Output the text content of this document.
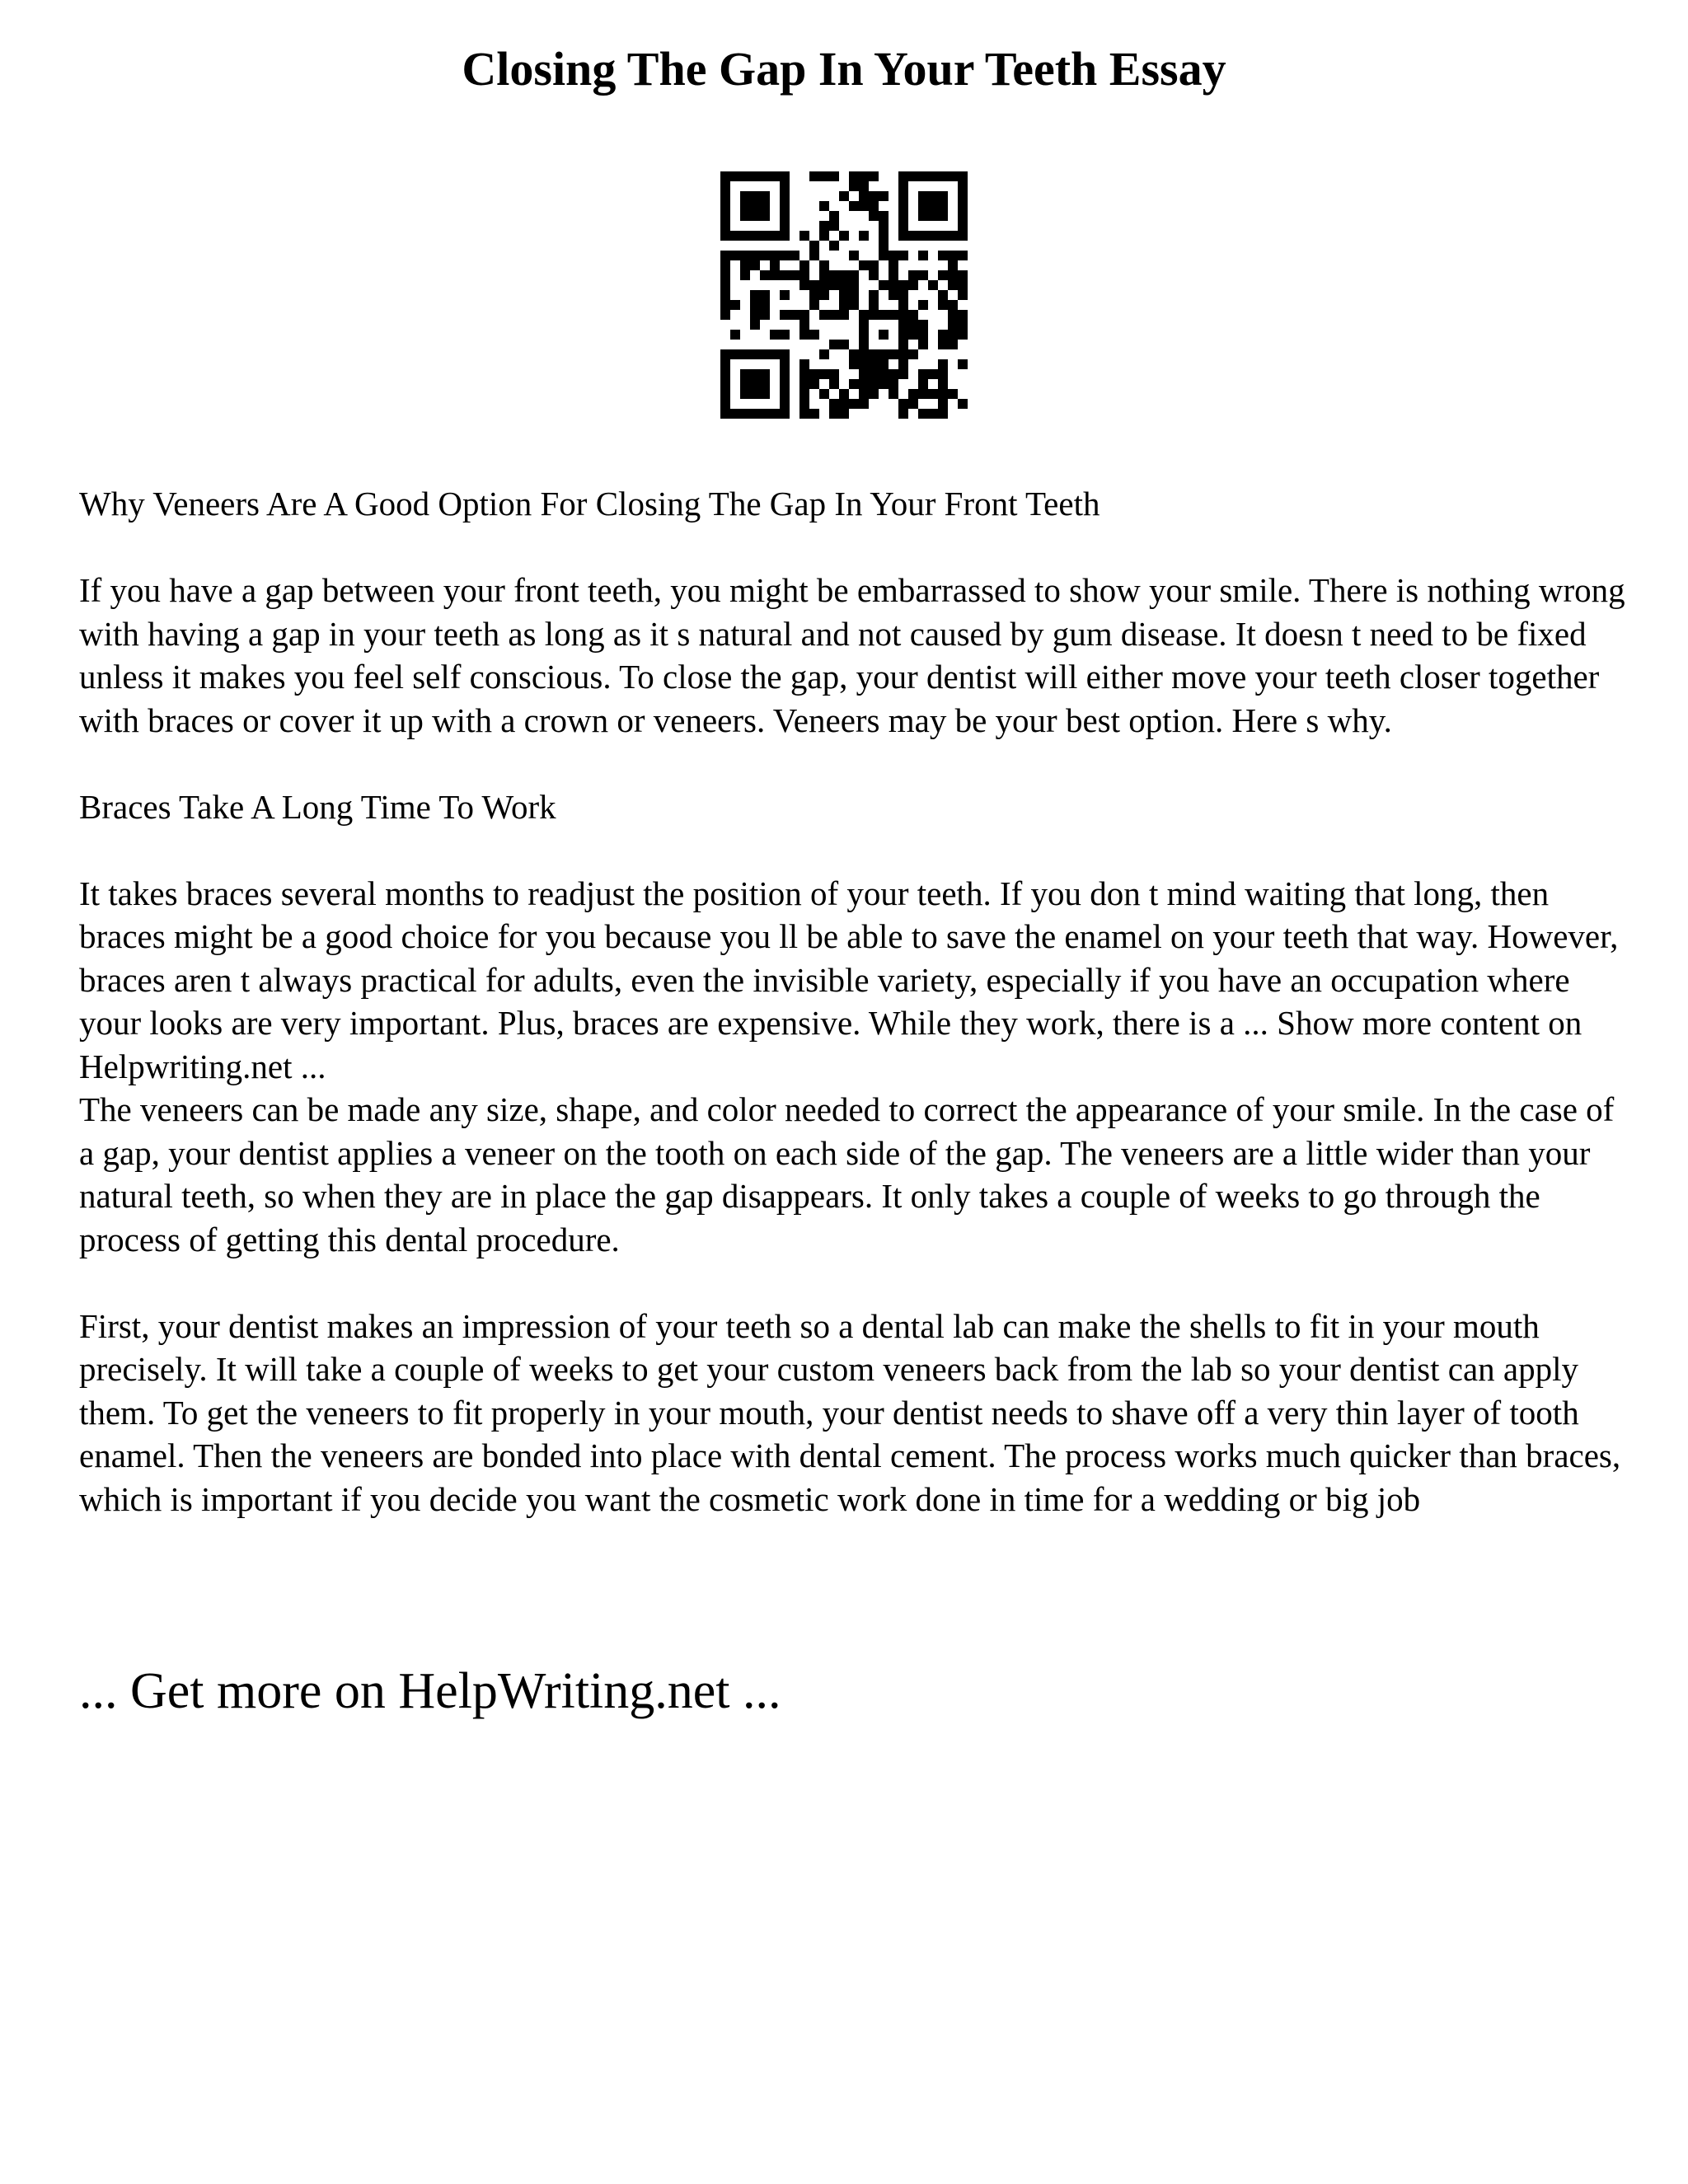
Closing The Gap In Your Teeth Essay

Why Veneers Are A Good Option For Closing The Gap In Your Front Teeth

If you have a gap between your front teeth, you might be embarrassed to show your smile. There is nothing wrong with having a gap in your teeth as long as it s natural and not caused by gum disease. It doesn t need to be fixed unless it makes you feel self conscious. To close the gap, your dentist will either move your teeth closer together with braces or cover it up with a crown or veneers. Veneers may be your best option. Here s why.

Braces Take A Long Time To Work

It takes braces several months to readjust the position of your teeth. If you don t mind waiting that long, then braces might be a good choice for you because you ll be able to save the enamel on your teeth that way. However, braces aren t always practical for adults, even the invisible variety, especially if you have an occupation where your looks are very important. Plus, braces are expensive. While they work, there is a ... Show more content on Helpwriting.net ...

The veneers can be made any size, shape, and color needed to correct the appearance of your smile. In the case of a gap, your dentist applies a veneer on the tooth on each side of the gap. The veneers are a little wider than your natural teeth, so when they are in place the gap disappears. It only takes a couple of weeks to go through the process of getting this dental procedure.

First, your dentist makes an impression of your teeth so a dental lab can make the shells to fit in your mouth precisely. It will take a couple of weeks to get your custom veneers back from the lab so your dentist can apply them. To get the veneers to fit properly in your mouth, your dentist needs to shave off a very thin layer of tooth enamel. Then the veneers are bonded into place with dental cement. The process works much quicker than braces, which is important if you decide you want the cosmetic work done in time for a wedding or big job

... Get more on HelpWriting.net ...
